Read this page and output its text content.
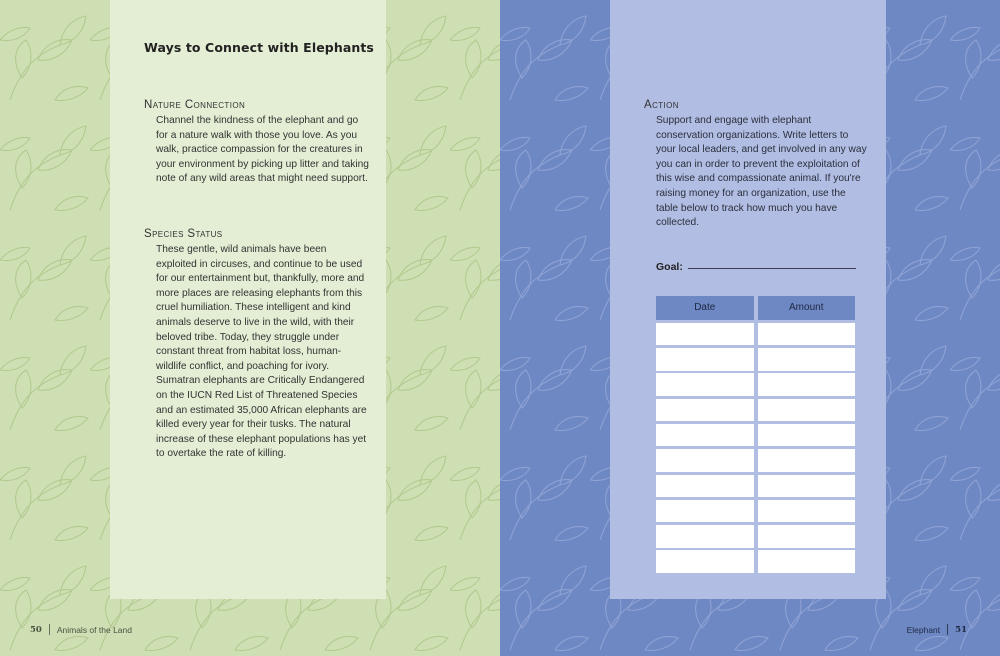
Ways to Connect with Elephants
Nature Connection
Channel the kindness of the elephant and go for a nature walk with those you love. As you walk, practice compassion for the creatures in your environment by picking up litter and taking note of any wild areas that might need support.
Species Status
These gentle, wild animals have been exploited in circuses, and continue to be used for our entertainment but, thankfully, more and more places are releasing elephants from this cruel humiliation. These intelligent and kind animals deserve to live in the wild, with their beloved tribe. Today, they struggle under constant threat from habitat loss, human-wildlife conflict, and poaching for ivory. Sumatran elephants are Critically Endangered on the IUCN Red List of Threatened Species and an estimated 35,000 African elephants are killed every year for their tusks. The natural increase of these elephant populations has yet to overtake the rate of killing.
50 Animals of the Land
Action
Support and engage with elephant conservation organizations. Write letters to your local leaders, and get involved in any way you can in order to prevent the exploitation of this wise and compassionate animal. If you're raising money for an organization, use the table below to track how much you have collected.
Goal:
Date	Amount
Elephant 51
